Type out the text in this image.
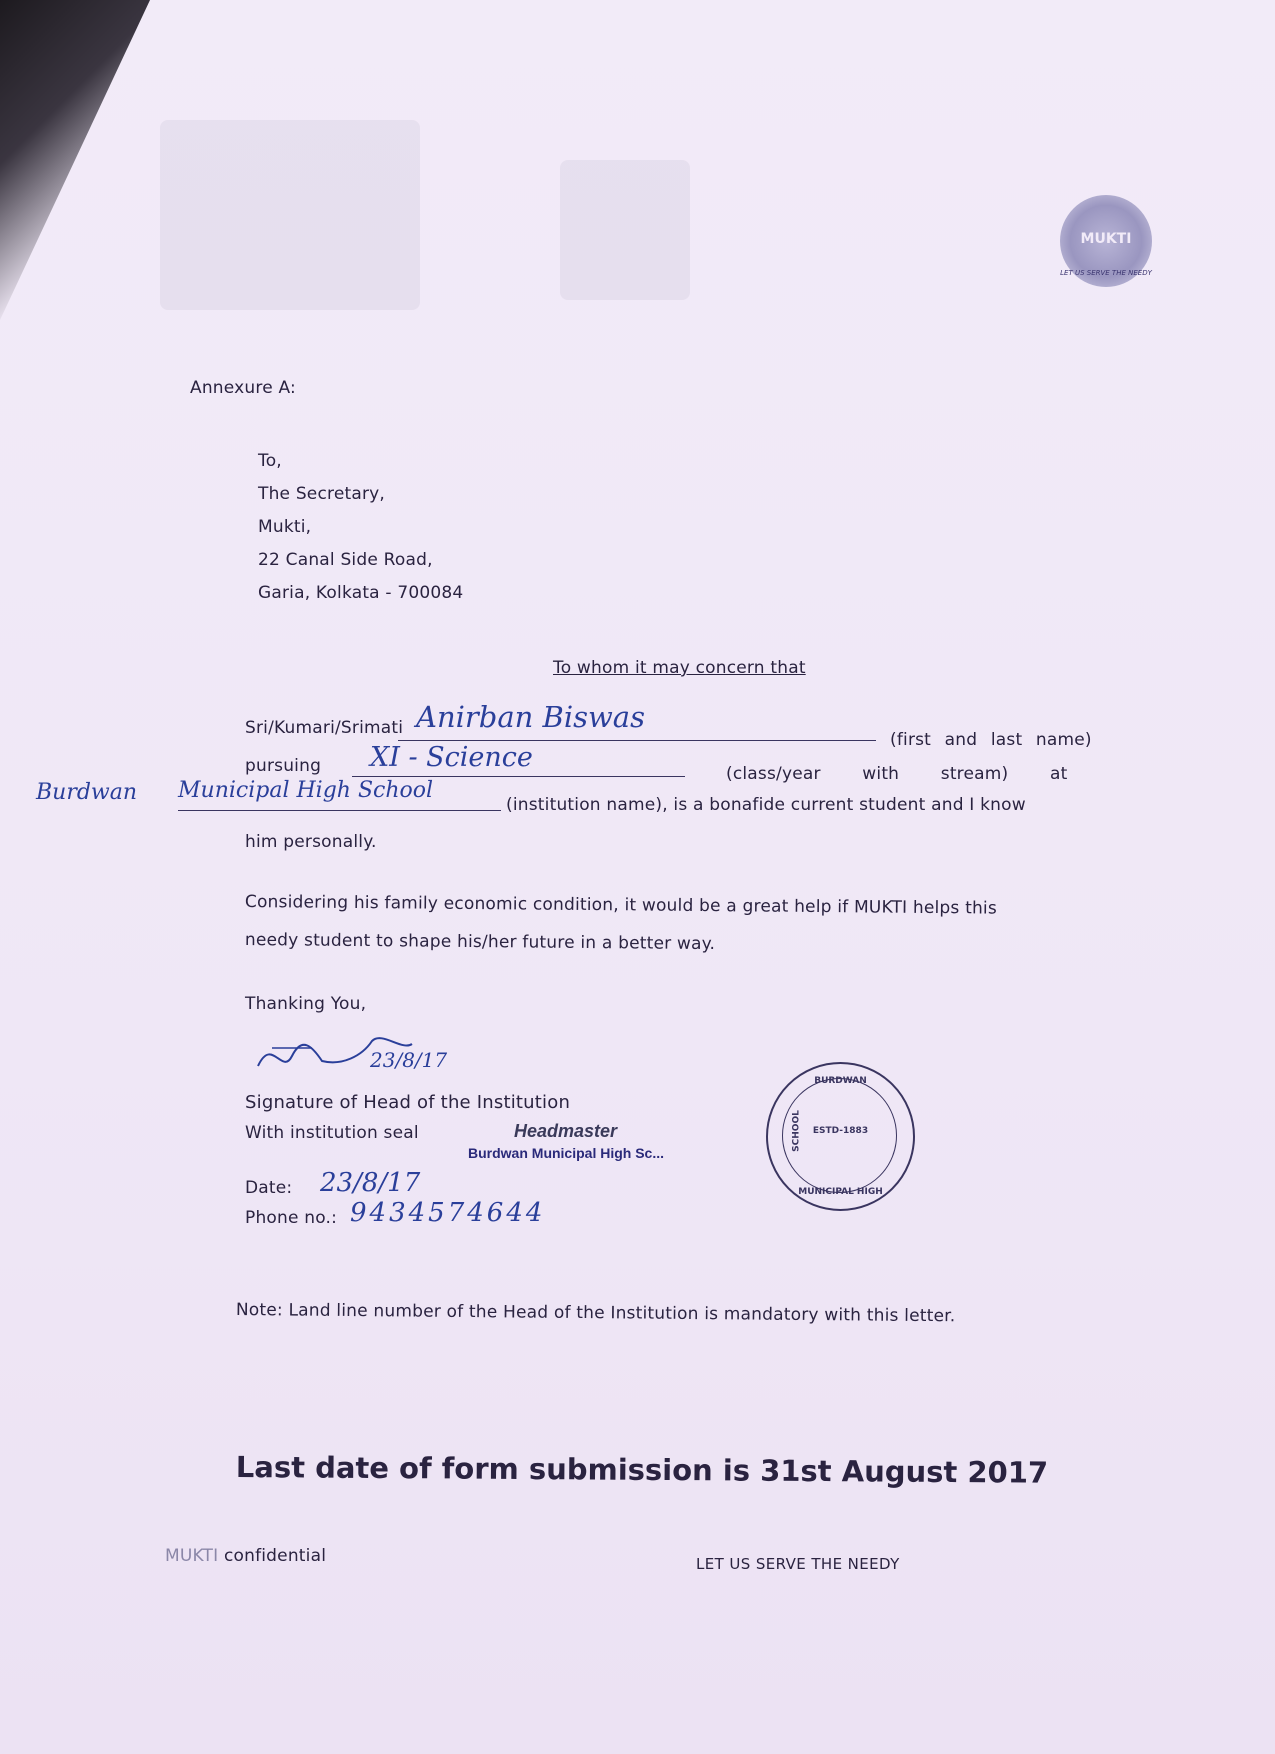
MUKTI
LET US SERVE THE NEEDY
Annexure A:
To,
The Secretary,
Mukti,
22 Canal Side Road,
Garia, Kolkata - 700084
To whom it may concern that
Sri/Kumari/Srimati Anirban Biswas
(first and last name)
pursuing XI - Science
(class/year with stream) at
Burdwan Municipal High School
(institution name), is a bonafide current student and I know
him personally.
Considering his family economic condition, it would be a great help if MUKTI helps this
needy student to shape his/her future in a better way.
Thanking You,
23/8/17
Signature of Head of the Institution
With institution seal	Headmaster
Burdwan Municipal High Sc...
Date: 23/8/17
Phone no.: 9434574644
BURDWAN
SCHOOL	ESTD-1883
MUNICIPAL HIGH
Note: Land line number of the Head of the Institution is mandatory with this letter.
Last date of form submission is 31st August 2017
MUKTI confidential	LET US SERVE THE NEEDY
